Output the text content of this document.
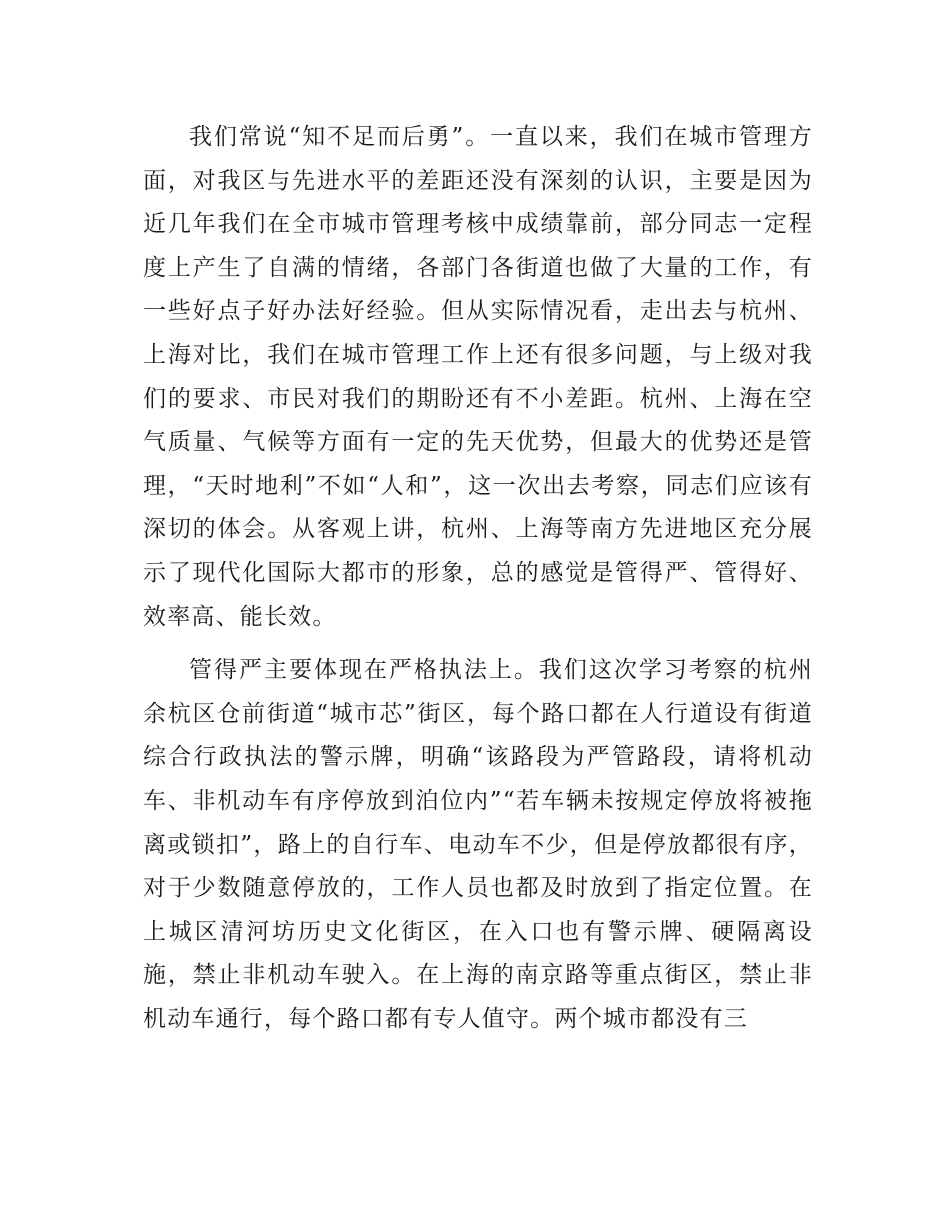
我们常说“知不足而后勇”。一直以来，我们在城市管理方面，对我区与先进水平的差距还没有深刻的认识，主要是因为近几年我们在全市城市管理考核中成绩靠前，部分同志一定程度上产生了自满的情绪，各部门各街道也做了大量的工作，有一些好点子好办法好经验。但从实际情况看，走出去与杭州、上海对比，我们在城市管理工作上还有很多问题，与上级对我们的要求、市民对我们的期盼还有不小差距。杭州、上海在空气质量、气候等方面有一定的先天优势，但最大的优势还是管理，“天时地利”不如“人和”，这一次出去考察，同志们应该有深切的体会。从客观上讲，杭州、上海等南方先进地区充分展示了现代化国际大都市的形象，总的感觉是管得严、管得好、效率高、能长效。

管得严主要体现在严格执法上。我们这次学习考察的杭州余杭区仓前街道“城市芯”街区，每个路口都在人行道设有街道综合行政执法的警示牌，明确“该路段为严管路段，请将机动车、非机动车有序停放到泊位内”“若车辆未按规定停放将被拖离或锁扣”，路上的自行车、电动车不少，但是停放都很有序，对于少数随意停放的，工作人员也都及时放到了指定位置。在上城区清河坊历史文化街区，在入口也有警示牌、硬隔离设施，禁止非机动车驶入。在上海的南京路等重点街区，禁止非机动车通行，每个路口都有专人值守。两个城市都没有三
